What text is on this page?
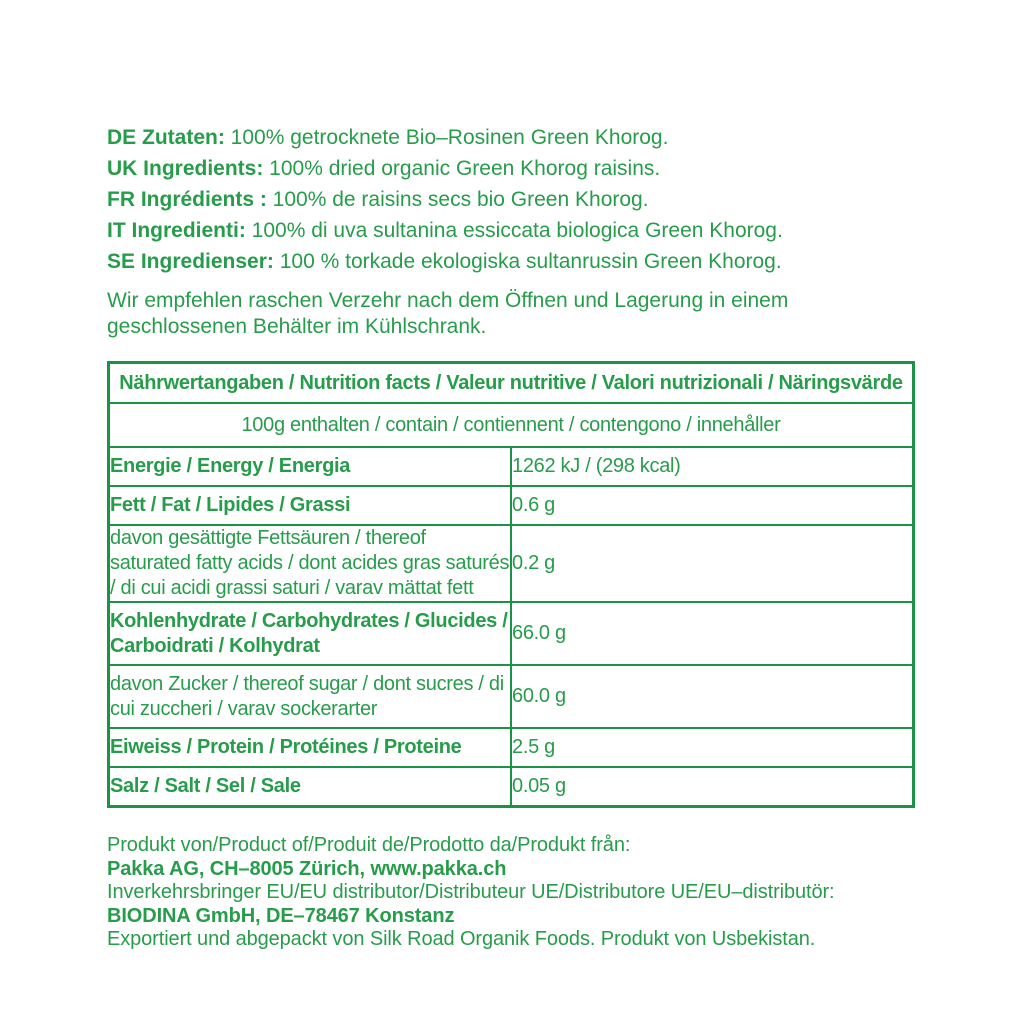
DE Zutaten: 100% getrocknete Bio–Rosinen Green Khorog.
UK Ingredients: 100% dried organic Green Khorog raisins.
FR Ingrédients : 100% de raisins secs bio Green Khorog.
IT Ingredienti: 100% di uva sultanina essiccata biologica Green Khorog.
SE Ingredienser: 100 % torkade ekologiska sultanrussin Green Khorog.
Wir empfehlen raschen Verzehr nach dem Öffnen und Lagerung in einem geschlossenen Behälter im Kühlschrank.
Nährwertangaben / Nutrition facts / Valeur nutritive / Valori nutrizionali / Näringsvärde	
100g enthalten / contain / contiennent / contengono / innehåller	
Energie / Energy / Energia	1262 kJ / (298 kcal)
Fett / Fat / Lipides / Grassi	0.6 g
davon gesättigte Fettsäuren / thereof saturated fatty acids / dont acides gras saturés / di cui acidi grassi saturi / varav mättat fett	0.2 g
Kohlenhydrate / Carbohydrates / Glucides / Carboidrati / Kolhydrat	66.0 g
davon Zucker / thereof sugar / dont sucres / di cui zuccheri / varav sockerarter	60.0 g
Eiweiss / Protein / Protéines / Proteine	2.5 g
Salz / Salt / Sel / Sale	0.05 g
Produkt von/Product of/Produit de/Prodotto da/Produkt från:
Pakka AG, CH–8005 Zürich, www.pakka.ch
Inverkehrsbringer EU/EU distributor/Distributeur UE/Distributore UE/EU–distributör:
BIODINA GmbH, DE–78467 Konstanz
Exportiert und abgepackt von Silk Road Organik Foods. Produkt von Usbekistan.
